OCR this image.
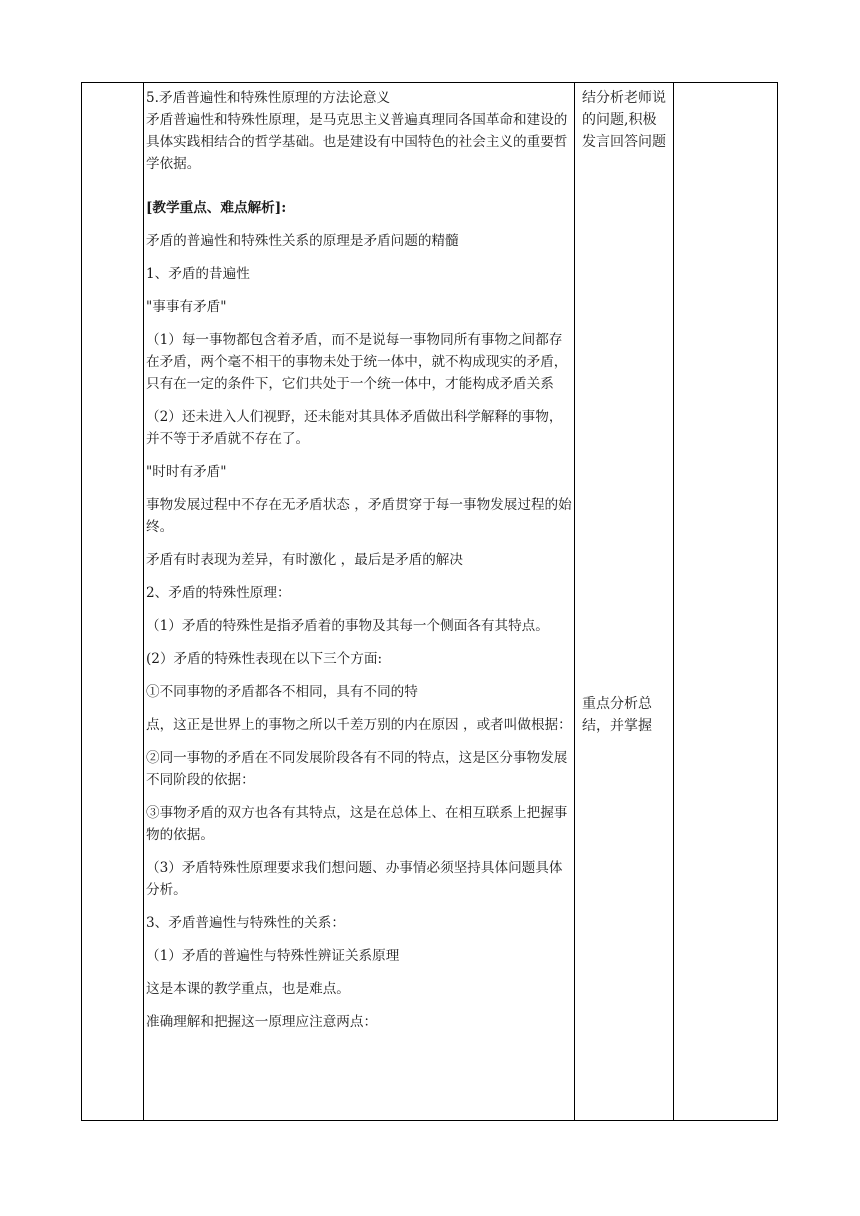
5.矛盾普遍性和特殊性原理的方法论意义

矛盾普遍性和特殊性原理，是马克思主义普遍真理同各国革命和建设的具体实践相结合的哲学基础。也是建设有中国特色的社会主义的重要哲学依据。

[教学重点、难点解析]:

矛盾的普遍性和特殊性关系的原理是矛盾问题的精髓

1、矛盾的昔遍性

"事事有矛盾"

（1）每一事物都包含着矛盾，而不是说每一事物同所有事物之间都存在矛盾，两个毫不相干的事物未处于统一体中，就不构成现实的矛盾，只有在一定的条件下，它们共处于一个统一体中，才能构成矛盾关系

（2）还未进入人们视野，还未能对其具体矛盾做出科学解释的事物，并不等于矛盾就不存在了。

"时时有矛盾"

事物发展过程中不存在无矛盾状态 ，矛盾贯穿于每一事物发展过程的始终。

矛盾有时表现为差异，有时激化 ，最后是矛盾的解决

2、矛盾的特殊性原理：

（1）矛盾的特殊性是指矛盾着的事物及其每一个侧面各有其特点。

(2）矛盾的特殊性表现在以下三个方面:

①不同事物的矛盾都各不相同，具有不同的特

点，这正是世界上的事物之所以千差万别的内在原因 ，或者叫做根据：

②同一事物的矛盾在不同发展阶段各有不同的特点，这是区分事物发展不同阶段的依据：

③事物矛盾的双方也各有其特点，这是在总体上、在相互联系上把握事物的依据。

（3）矛盾特殊性原理要求我们想问题、办事情必须坚持具体问题具体分析。

3、矛盾普遍性与特殊性的关系：

（1）矛盾的普遍性与特殊性辨证关系原理

这是本课的教学重点，也是难点。

准确理解和把握这一原理应注意两点：

结分析老师说的问题,积极发言回答问题
重点分析总结，并掌握
